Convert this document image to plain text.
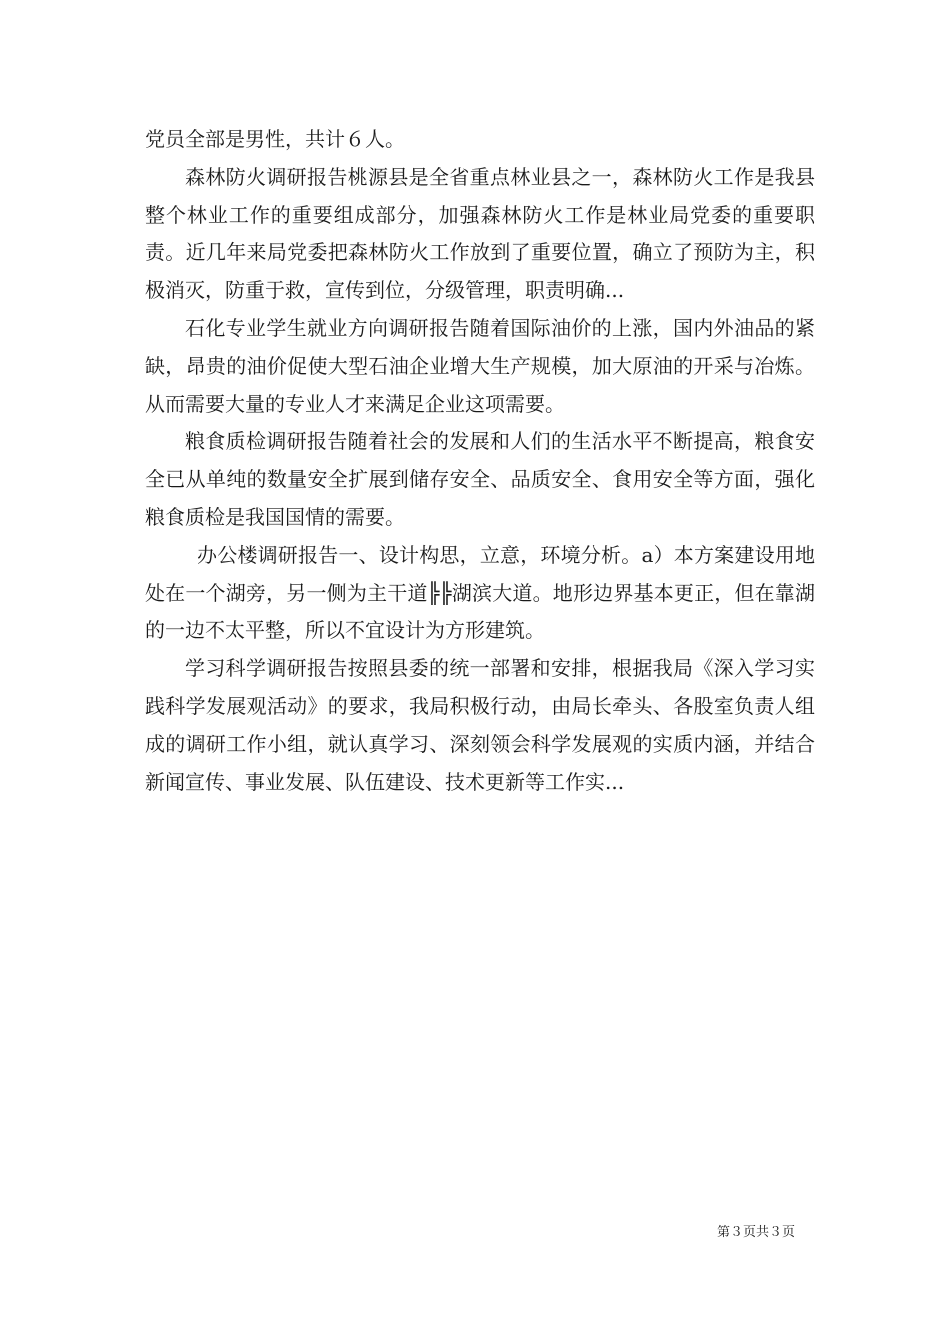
党员全部是男性，共计６人。

森林防火调研报告桃源县是全省重点林业县之一，森林防火工作是我县整个林业工作的重要组成部分，加强森林防火工作是林业局党委的重要职责。近几年来局党委把森林防火工作放到了重要位置，确立了预防为主，积极消灭，防重于救，宣传到位，分级管理，职责明确...

石化专业学生就业方向调研报告随着国际油价的上涨，国内外油品的紧缺，昂贵的油价促使大型石油企业增大生产规模，加大原油的开采与冶炼。从而需要大量的专业人才来满足企业这项需要。

粮食质检调研报告随着社会的发展和人们的生活水平不断提高，粮食安全已从单纯的数量安全扩展到储存安全、品质安全、食用安全等方面，强化粮食质检是我国国情的需要。

办公楼调研报告一、设计构思，立意，环境分析。a）本方案建设用地处在一个湖旁，另一侧为主干道╠╠湖滨大道。地形边界基本更正，但在靠湖的一边不太平整，所以不宜设计为方形建筑。

学习科学调研报告按照县委的统一部署和安排，根据我局《深入学习实践科学发展观活动》的要求，我局积极行动，由局长牵头、各股室负责人组成的调研工作小组，就认真学习、深刻领会科学发展观的实质内涵，并结合新闻宣传、事业发展、队伍建设、技术更新等工作实...

第３页共３页
